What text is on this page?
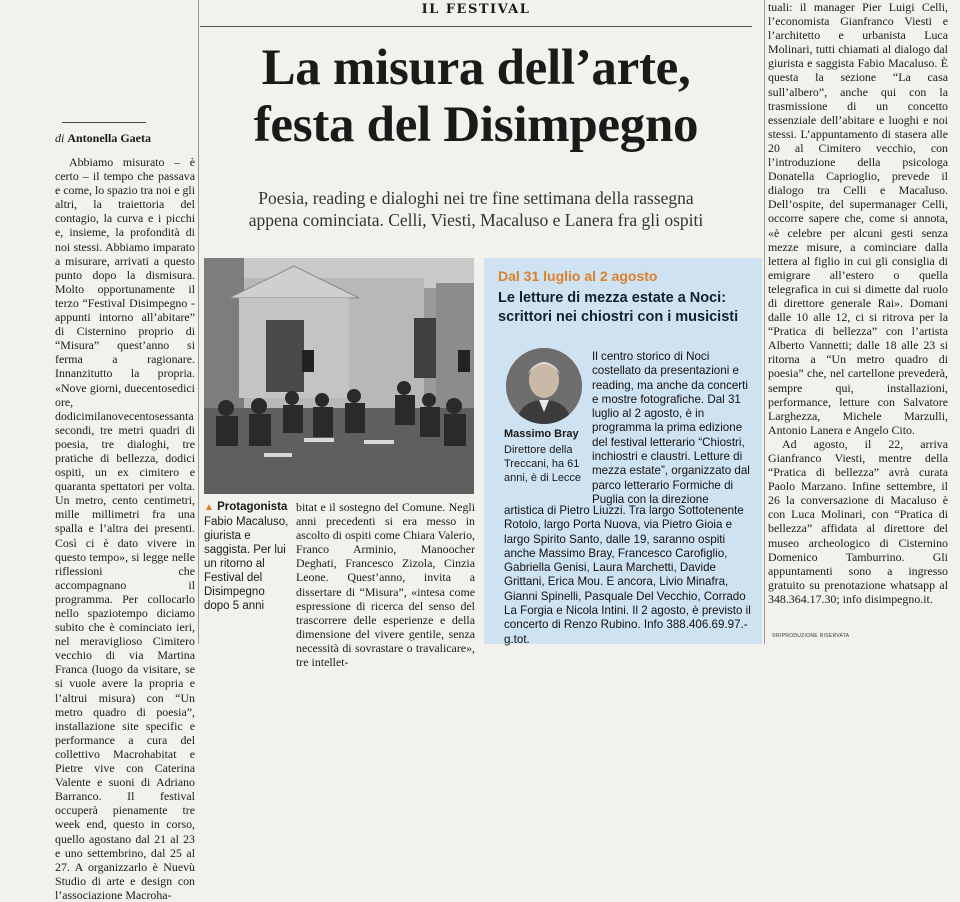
IL FESTIVAL
La misura dell’arte,
festa del Disimpegno
Poesia, reading e dialoghi nei tre fine settimana della rassegna
appena cominciata. Celli, Viesti, Macaluso e Lanera fra gli ospiti
di Antonella Gaeta

Abbiamo misurato – è certo – il tempo che passava e come, lo spazio tra noi e gli altri, la traiettoria del contagio, la curva e i picchi e, insieme, la profondità di noi stessi. Abbiamo imparato a misurare, arrivati a questo punto dopo la dismisura. Molto opportunamente il terzo “Festival Disimpegno - appunti intorno all’abitare” di Cisternino proprio di “Misura” quest’anno si ferma a ragionare. Innanzitutto la propria. «Nove giorni, duecentosedici ore, dodicimilanovecentosessanta secondi, tre metri quadri di poesia, tre dialoghi, tre pratiche di bellezza, dodici ospiti, un ex cimitero e quaranta spettatori per volta. Un metro, cento centimetri, mille millimetri fra una spalla e l’altra dei presenti. Così ci è dato vivere in questo tempo», si legge nelle riflessioni che accompagnano il programma. Per collocarlo nello spaziotempo diciamo subito che è cominciato ieri, nel meraviglioso Cimitero vecchio di via Martina Franca (luogo da visitare, se si vuole avere la propria e l’altrui misura) con “Un metro quadro di poesia”, installazione site specific e performance a cura del collettivo Macrohabitat e Pietre vive con Caterina Valente e suoni di Adriano Barranco. Il festival occuperà pienamente tre week end, questo in corso, quello agostano dal 21 al 23 e uno settembrino, dal 25 al 27. A organizzarlo è Nuevù Studio di arte e design con l’associazione Macroha-

▲ Protagonista
Fabio Macaluso, giurista e saggista. Per lui un ritorno al Festival del Disimpegno dopo 5 anni

bitat e il sostegno del Comune. Negli anni precedenti si era messo in ascolto di ospiti come Chiara Valerio, Franco Arminio, Manoocher Deghati, Francesco Zizola, Cinzia Leone. Quest’anno, invita a dissertare di “Misura”, «intesa come espressione di ricerca del senso del trascorrere delle esperienze e della dimensione del vivere gentile, senza necessità di sovrastare o travalicare», tre intellet-

Dal 31 luglio al 2 agosto
Le letture di mezza estate a Noci: scrittori nei chiostri con i musicisti
Il centro storico di Noci costellato da presentazioni e reading, ma anche da concerti e mostre fotografiche. Dal 31 luglio al 2 agosto, è in programma la prima edizione del festival letterario “Chiostri, inchiostri e claustri. Letture di mezza estate”, organizzato dal parco letterario Formiche di Puglia con la direzione
Massimo Bray
Direttore della Treccani, ha 61 anni, è di Lecce
artistica di Pietro Liuzzi. Tra largo Sottotenente Rotolo, largo Porta Nuova, via Pietro Gioia e largo Spirito Santo, dalle 19, saranno ospiti anche Massimo Bray, Francesco Carofiglio, Gabriella Genisi, Laura Marchetti, Davide Grittani, Erica Mou. E ancora, Livio Minafra, Gianni Spinelli, Pasquale Del Vecchio, Corrado La Forgia e Nicola Intini. Il 2 agosto, è previsto il concerto di Renzo Rubino. Info 388.406.69.97.- g.tot.

tuali: il manager Pier Luigi Celli, l’economista Gianfranco Viesti e l’architetto e urbanista Luca Molinari, tutti chiamati al dialogo dal giurista e saggista Fabio Macaluso. È questa la sezione “La casa sull’albero”, anche qui con la trasmissione di un concetto essenziale dell’abitare e luoghi e noi stessi. L’appuntamento di stasera alle 20 al Cimitero vecchio, con l’introduzione della psicologa Donatella Caprioglio, prevede il dialogo tra Celli e Macaluso. Dell’ospite, del supermanager Celli, occorre sapere che, come si annota, «è celebre per alcuni gesti senza mezze misure, a cominciare dalla lettera al figlio in cui gli consiglia di emigrare all’estero o quella telegrafica in cui si dimette dal ruolo di direttore generale Rai». Domani dalle 10 alle 12, ci si ritrova per la “Pratica di bellezza” con l’artista Alberto Vannetti; dalle 18 alle 23 si ritorna a “Un metro quadro di poesia” che, nel cartellone prevederà, sempre qui, installazioni, performance, letture con Salvatore Larghezza, Michele Marzulli, Antonio Lanera e Angelo Cito.

Ad agosto, il 22, arriva Gianfranco Viesti, mentre della “Pratica di bellezza” avrà curata Paolo Marzano. Infine settembre, il 26 la conversazione di Macaluso è con Luca Molinari, con “Pratica di bellezza” affidata al direttore del museo archeologico di Cisternino Domenico Tamburrino. Gli appuntamenti sono a ingresso gratuito su prenotazione whatsapp al 348.364.17.30; info disimpegno.it.

©RIPRODUZIONE RISERVATA
